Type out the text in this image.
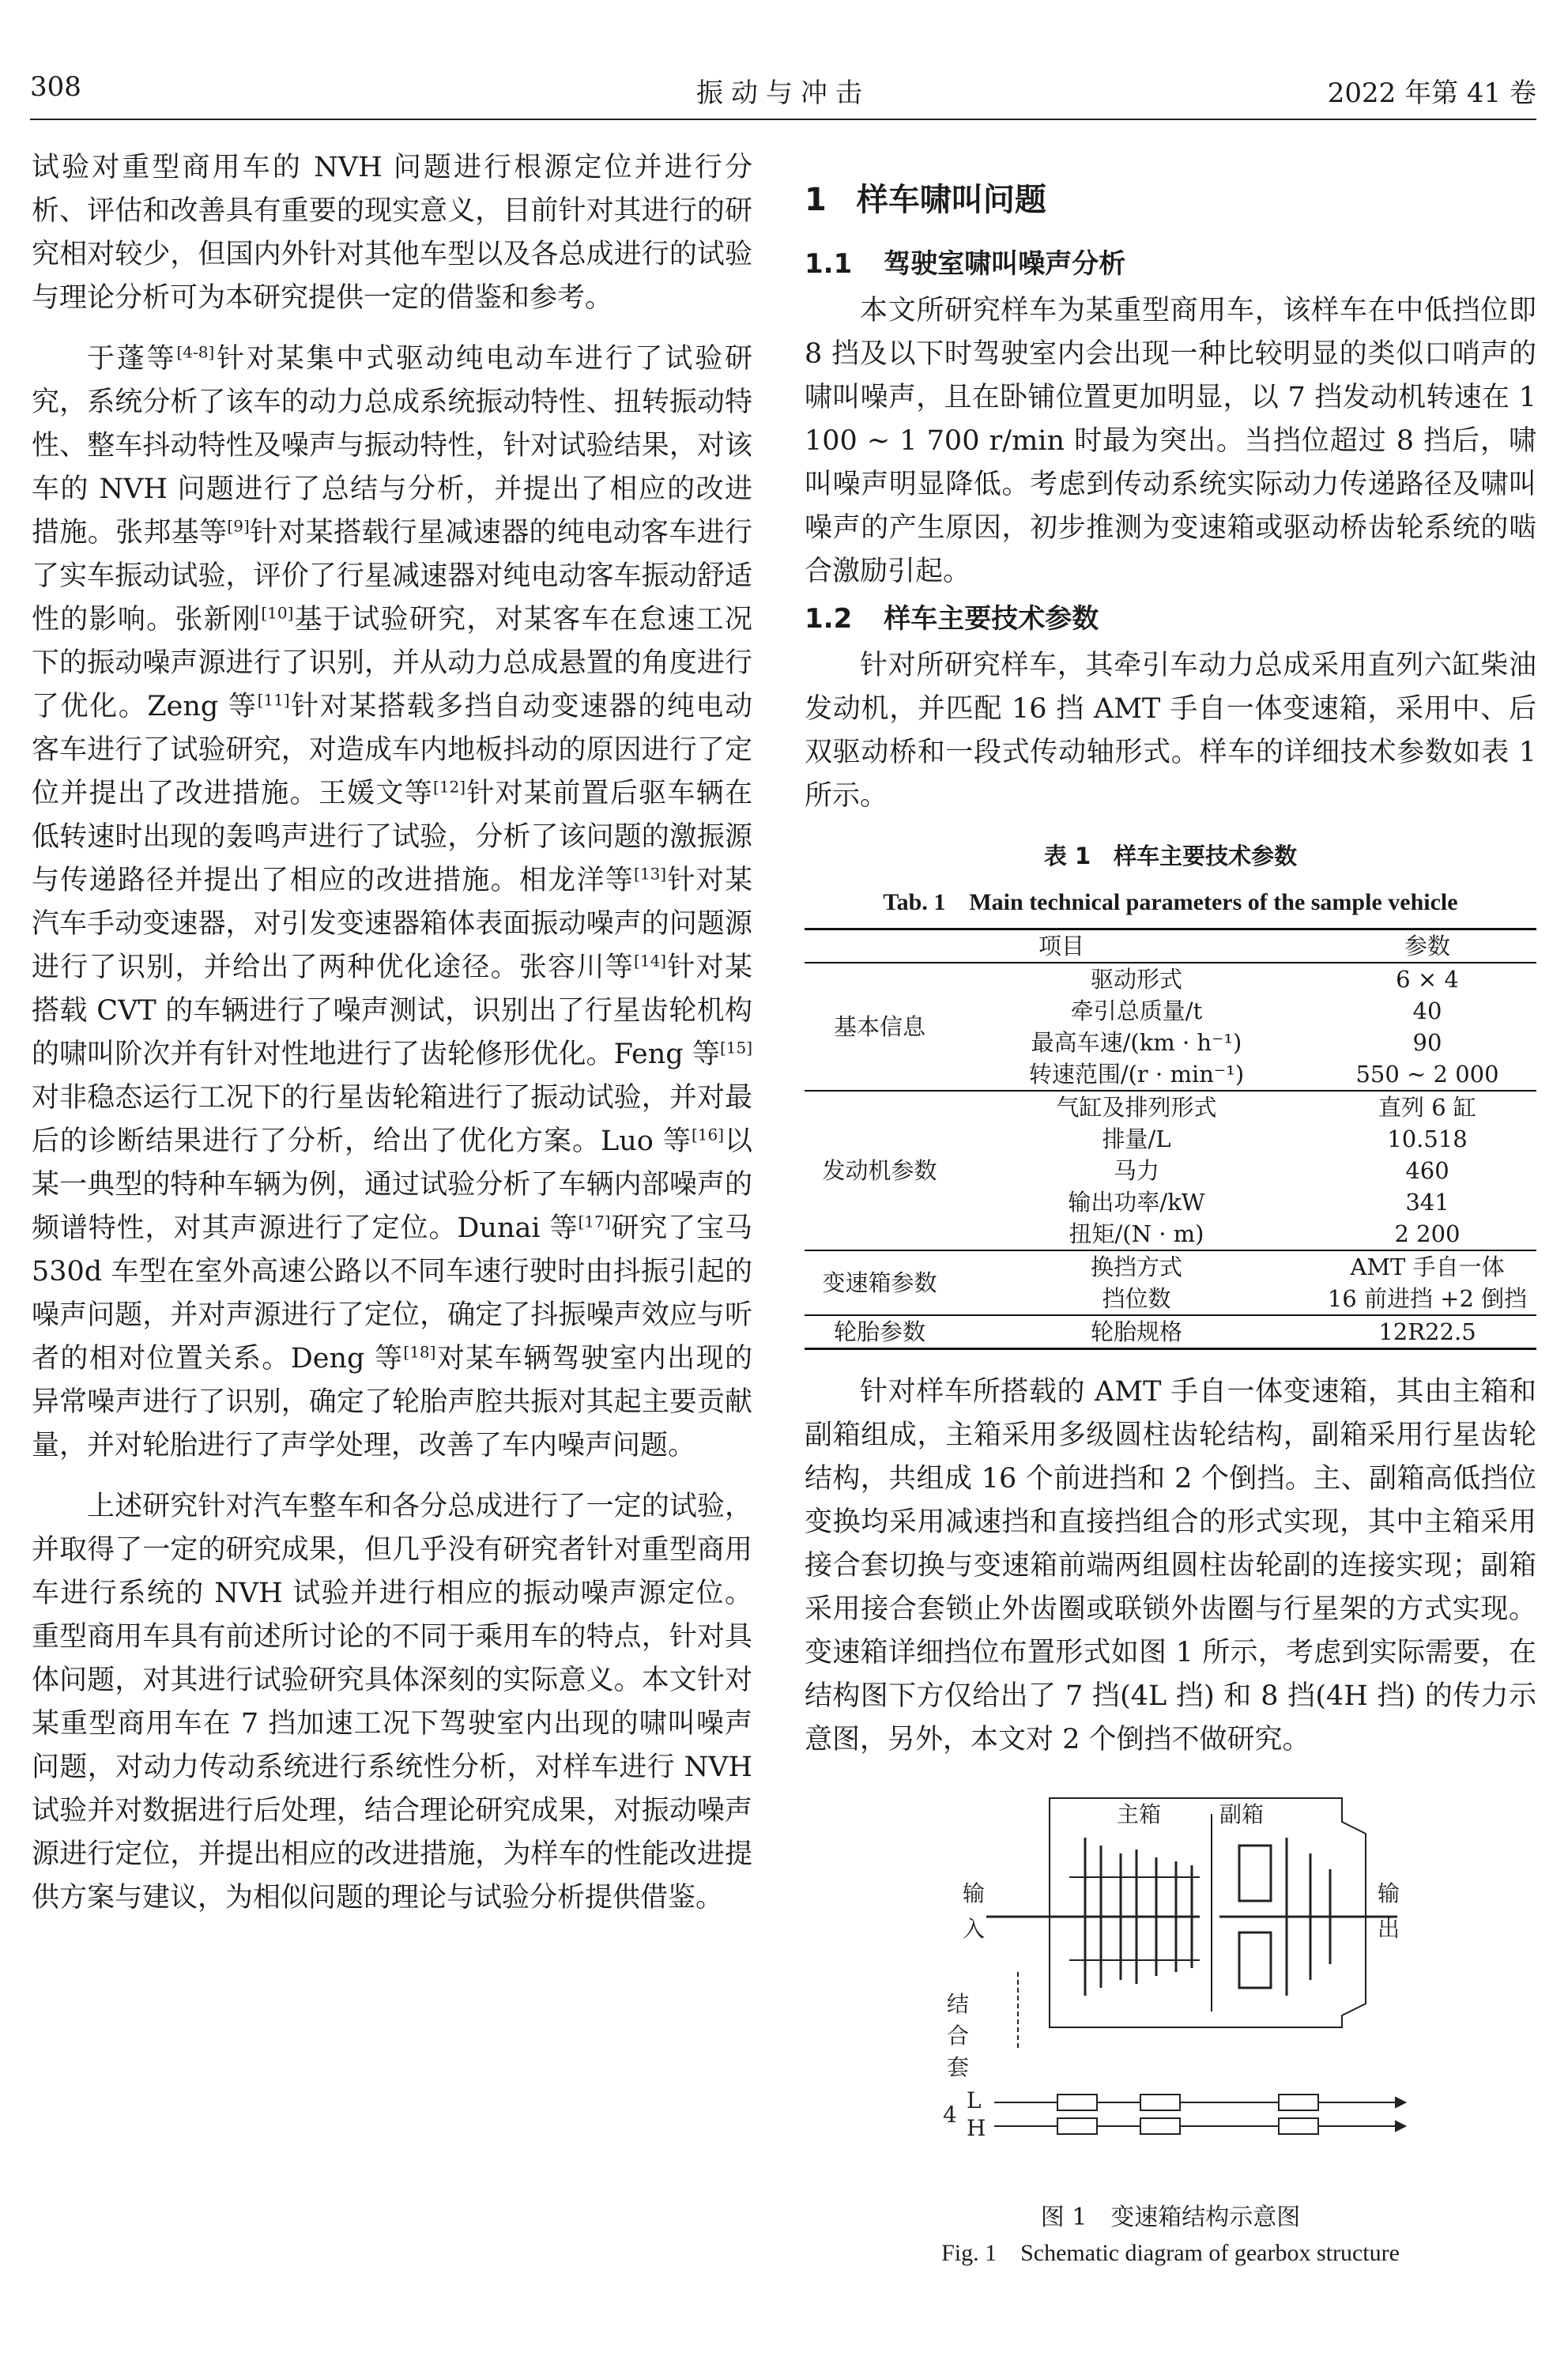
308	振动与冲击	2022 年第 41 卷

试验对重型商用车的 NVH 问题进行根源定位并进行分析、评估和改善具有重要的现实意义，目前针对其进行的研究相对较少，但国内外针对其他车型以及各总成进行的试验与理论分析可为本研究提供一定的借鉴和参考。

于蓬等[4-8]针对某集中式驱动纯电动车进行了试验研究，系统分析了该车的动力总成系统振动特性、扭转振动特性、整车抖动特性及噪声与振动特性，针对试验结果，对该车的 NVH 问题进行了总结与分析，并提出了相应的改进措施。张邦基等[9]针对某搭载行星减速器的纯电动客车进行了实车振动试验，评价了行星减速器对纯电动客车振动舒适性的影响。张新刚[10]基于试验研究，对某客车在怠速工况下的振动噪声源进行了识别，并从动力总成悬置的角度进行了优化。Zeng 等[11]针对某搭载多挡自动变速器的纯电动客车进行了试验研究，对造成车内地板抖动的原因进行了定位并提出了改进措施。王媛文等[12]针对某前置后驱车辆在低转速时出现的轰鸣声进行了试验，分析了该问题的激振源与传递路径并提出了相应的改进措施。相龙洋等[13]针对某汽车手动变速器，对引发变速器箱体表面振动噪声的问题源进行了识别，并给出了两种优化途径。张容川等[14]针对某搭载 CVT 的车辆进行了噪声测试，识别出了行星齿轮机构的啸叫阶次并有针对性地进行了齿轮修形优化。Feng 等[15]对非稳态运行工况下的行星齿轮箱进行了振动试验，并对最后的诊断结果进行了分析，给出了优化方案。Luo 等[16]以某一典型的特种车辆为例，通过试验分析了车辆内部噪声的频谱特性，对其声源进行了定位。Dunai 等[17]研究了宝马 530d 车型在室外高速公路以不同车速行驶时由抖振引起的噪声问题，并对声源进行了定位，确定了抖振噪声效应与听者的相对位置关系。Deng 等[18]对某车辆驾驶室内出现的异常噪声进行了识别，确定了轮胎声腔共振对其起主要贡献量，并对轮胎进行了声学处理，改善了车内噪声问题。

上述研究针对汽车整车和各分总成进行了一定的试验，并取得了一定的研究成果，但几乎没有研究者针对重型商用车进行系统的 NVH 试验并进行相应的振动噪声源定位。重型商用车具有前述所讨论的不同于乘用车的特点，针对具体问题，对其进行试验研究具体深刻的实际意义。本文针对某重型商用车在 7 挡加速工况下驾驶室内出现的啸叫噪声问题，对动力传动系统进行系统性分析，对样车进行 NVH 试验并对数据进行后处理，结合理论研究成果，对振动噪声源进行定位，并提出相应的改进措施，为样车的性能改进提供方案与建议，为相似问题的理论与试验分析提供借鉴。

1 样车啸叫问题
1.1 驾驶室啸叫噪声分析

本文所研究样车为某重型商用车，该样车在中低挡位即 8 挡及以下时驾驶室内会出现一种比较明显的类似口哨声的啸叫噪声，且在卧铺位置更加明显，以 7 挡发动机转速在 1 100 ~ 1 700 r/min 时最为突出。当挡位超过 8 挡后，啸叫噪声明显降低。考虑到传动系统实际动力传递路径及啸叫噪声的产生原因，初步推测为变速箱或驱动桥齿轮系统的啮合激励引起。

1.2 样车主要技术参数

针对所研究样车，其牵引车动力总成采用直列六缸柴油发动机，并匹配 16 挡 AMT 手自一体变速箱，采用中、后双驱动桥和一段式传动轴形式。样车的详细技术参数如表 1 所示。

表 1　样车主要技术参数
Tab. 1　Main technical parameters of the sample vehicle
项目		参数
基本信息	驱动形式	6 × 4
	牵引总质量/t	40
	最高车速/(km · h⁻¹)	90
	转速范围/(r · min⁻¹)	550 ~ 2 000
发动机参数	气缸及排列形式	直列 6 缸
	排量/L	10.518
	马力	460
	输出功率/kW	341
	扭矩/(N · m)	2 200
变速箱参数	换挡方式	AMT 手自一体
	挡位数	16 前进挡 +2 倒挡
轮胎参数	轮胎规格	12R22.5

针对样车所搭载的 AMT 手自一体变速箱，其由主箱和副箱组成，主箱采用多级圆柱齿轮结构，副箱采用行星齿轮结构，共组成 16 个前进挡和 2 个倒挡。主、副箱高低挡位变换均采用减速挡和直接挡组合的形式实现，其中主箱采用接合套切换与变速箱前端两组圆柱齿轮副的连接实现；副箱采用接合套锁止外齿圈或联锁外齿圈与行星架的方式实现。变速箱详细挡位布置形式如图 1 所示，考虑到实际需要，在结构图下方仅给出了 7 挡(4L 挡) 和 8 挡(4H 挡) 的传力示意图，另外，本文对 2 个倒挡不做研究。

主箱	副箱
输
入
输
出
结
合
套
4
L
H
图 1　变速箱结构示意图
Fig. 1　Schematic diagram of gearbox structure
